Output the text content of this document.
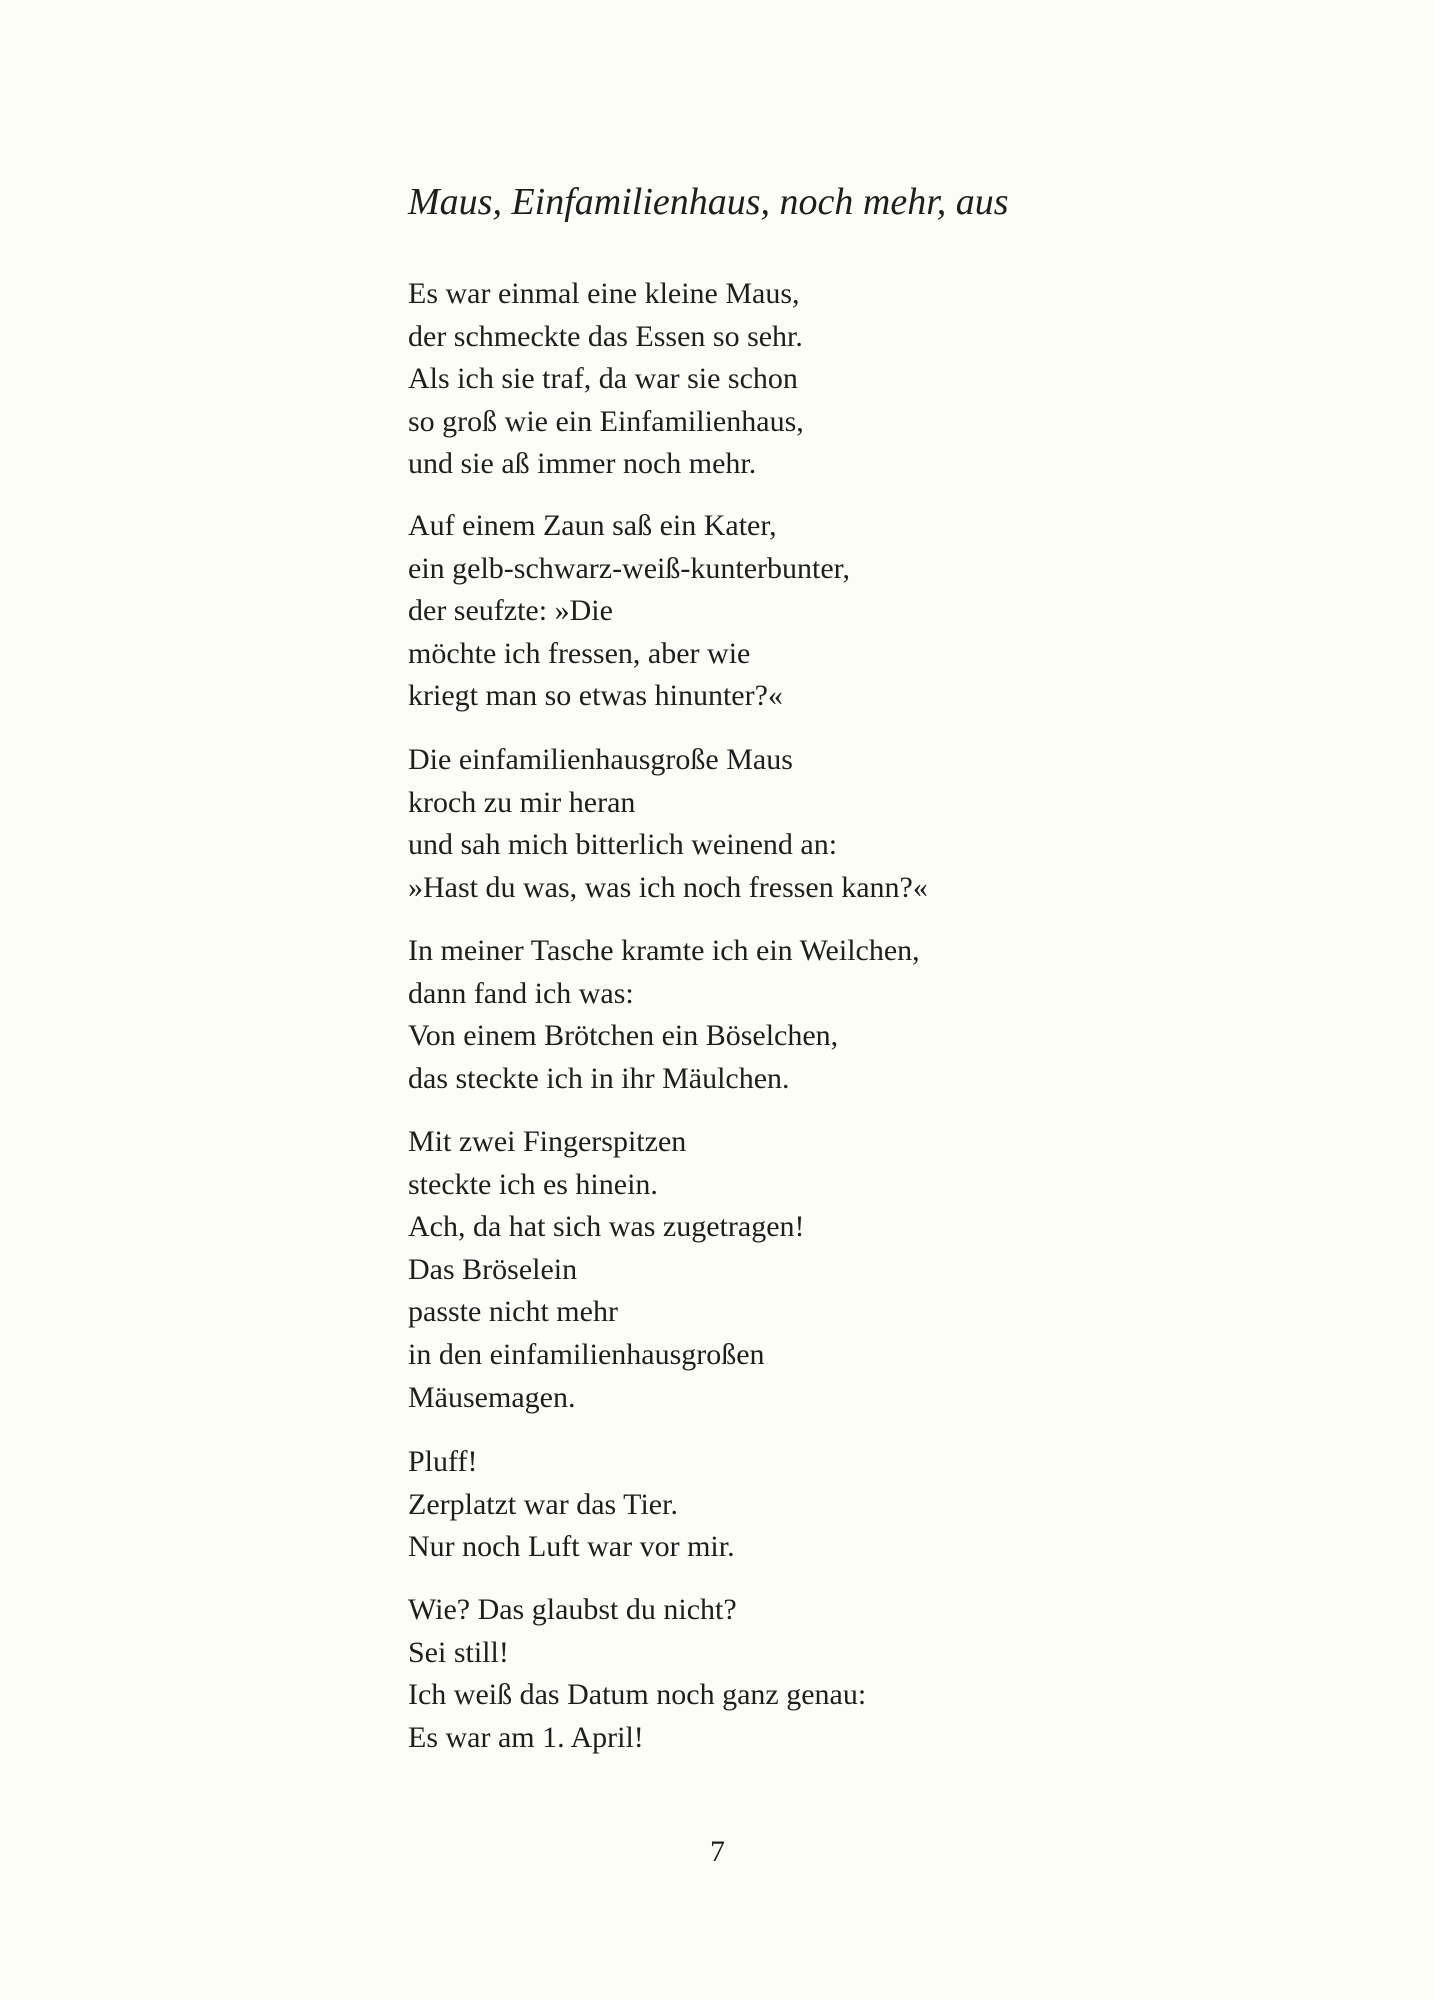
Maus, Einfamilienhaus, noch mehr, aus
Es war einmal eine kleine Maus,
der schmeckte das Essen so sehr.
Als ich sie traf, da war sie schon
so groß wie ein Einfamilienhaus,
und sie aß immer noch mehr.
Auf einem Zaun saß ein Kater,
ein gelb-schwarz-weiß-kunterbunter,
der seufzte: »Die
möchte ich fressen, aber wie
kriegt man so etwas hinunter?«
Die einfamilienhausgroße Maus
kroch zu mir heran
und sah mich bitterlich weinend an:
»Hast du was, was ich noch fressen kann?«
In meiner Tasche kramte ich ein Weilchen,
dann fand ich was:
Von einem Brötchen ein Böselchen,
das steckte ich in ihr Mäulchen.
Mit zwei Fingerspitzen
steckte ich es hinein.
Ach, da hat sich was zugetragen!
Das Bröselein
passte nicht mehr
in den einfamilienhausgroßen
Mäusemagen.
Pluff!
Zerplatzt war das Tier.
Nur noch Luft war vor mir.
Wie? Das glaubst du nicht?
Sei still!
Ich weiß das Datum noch ganz genau:
Es war am 1. April!
7
